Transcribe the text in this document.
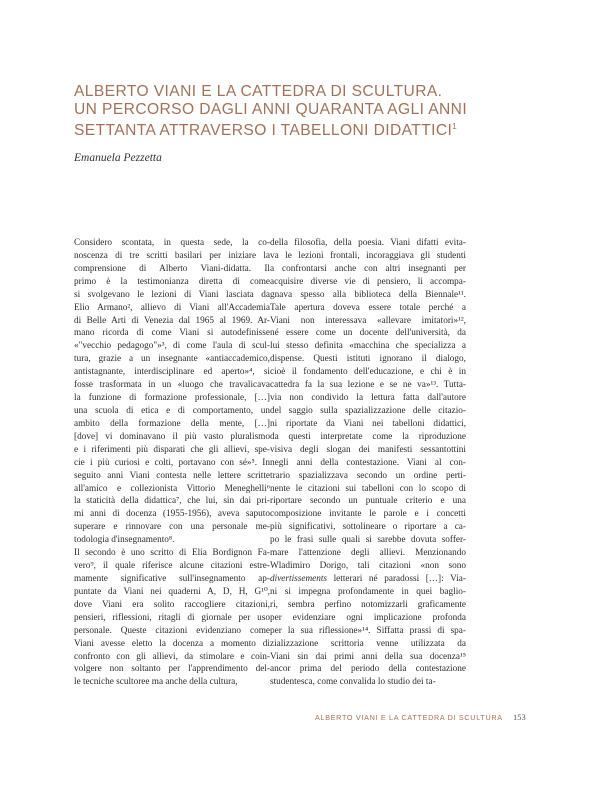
ALBERTO VIANI E LA CATTEDRA DI SCULTURA.
UN PERCORSO DAGLI ANNI QUARANTA AGLI ANNI
SETTANTA ATTRAVERSO I TABELLONI DIDATTICI$^1$

Emanuela Pezzetta

Considero scontata, in questa sede, la co-
noscenza di tre scritti basilari per iniziare la
comprensione di Alberto Viani-didatta. Il
primo è la testimonianza diretta di come
si svolgevano le lezioni di Viani lasciata da
Elio Armano², allievo di Viani all'Accademia
di Belle Arti di Venezia dal 1965 al 1969. Ar-
mano ricorda di come Viani si autodefinisse
«"vecchio pedagogo"»³, di come l'aula di scul-
tura, grazie a un insegnante «antiaccademico,
antistagnante, interdisciplinare ed aperto»⁴, si
fosse trasformata in un «luogo che travalicava
la funzione di formazione professionale, […]
una scuola di etica e di comportamento, un
ambito della formazione della mente, […]
[dove] vi dominavano il più vasto pluralismo
e i riferimenti più disparati che gli allievi, spe-
cie i più curiosi e colti, portavano con sé»⁵. In
seguito anni Viani contesta nelle lettere scritte
all'amico e collezionista Vittorio Meneghelli⁶
la staticità della didattica⁷, che lui, sin dai pri-
mi anni di docenza (1955-1956), aveva saputo
superare e rinnovare con una personale me-
todologia d'insegnamento⁸.
Il secondo è uno scritto di Elia Bordignon Fa-
vero⁹, il quale riferisce alcune citazioni estre-
mamente significative sull'insegnamento ap-
puntate da Viani nei quaderni A, D, H, G¹⁰,
dove Viani era solito raccogliere citazioni,
pensieri, riflessioni, ritagli di giornale per uso
personale. Queste citazioni evidenziano come
Viani avesse eletto la docenza a momento di
confronto con gli allievi, da stimolare e coin-
volgere non soltanto per l'apprendimento del-
le tecniche scultoree ma anche della cultura,
della filosofia, della poesia. Viani difatti evita-
va le lezioni frontali, incoraggiava gli studenti
a confrontarsi anche con altri insegnanti per
acquisire diverse vie di pensiero, li accompa-
gnava spesso alla biblioteca della Biennale¹¹.
Tale apertura doveva essere totale perché a
Viani non interessava «allevare imitatori»¹²,
né essere come un docente dell'università, da
lui stesso definita «macchina che specializza a
dispense. Questi istituti ignorano il dialogo,
cioè il fondamento dell'educazione, e chi è in
cattedra fa la sua lezione e se ne va»¹³. Tutta-
via non condivido la lettura fatta dall'autore
del saggio sulla spazializzazione delle citazio-
ni riportate da Viani nei tabelloni didattici,
da questi interpretate come la riproduzione
visiva degli slogan dei manifesti sessantottini
negli anni della contestazione. Viani al con-
trario spazializzava secondo un ordine perti-
nente le citazioni sui tabelloni con lo scopo di
riportare secondo un puntuale criterio e una
composizione invitante le parole e i concetti
più significativi, sottolineare o riportare a ca-
po le frasi sulle quali si sarebbe dovuta soffer-
mare l'attenzione degli allievi. Menzionando
Wladimiro Dorigo, tali citazioni «non sono
divertissements letterari né paradossi […]: Via-
ni si impegna profondamente in quei baglio-
ri, sembra perfino notomizzarli graficamente
per evidenziare ogni implicazione profonda
per la sua riflessione»¹⁴. Siffatta prassi di spa-
zializzazione scrittoria venne utilizzata da
Viani sin dai primi anni della sua docenza¹⁵
ancor prima del periodo della contestazione
studentesca, come convalida lo studio dei ta-

ALBERTO VIANI E LA CATTEDRA DI SCULTURA 153
